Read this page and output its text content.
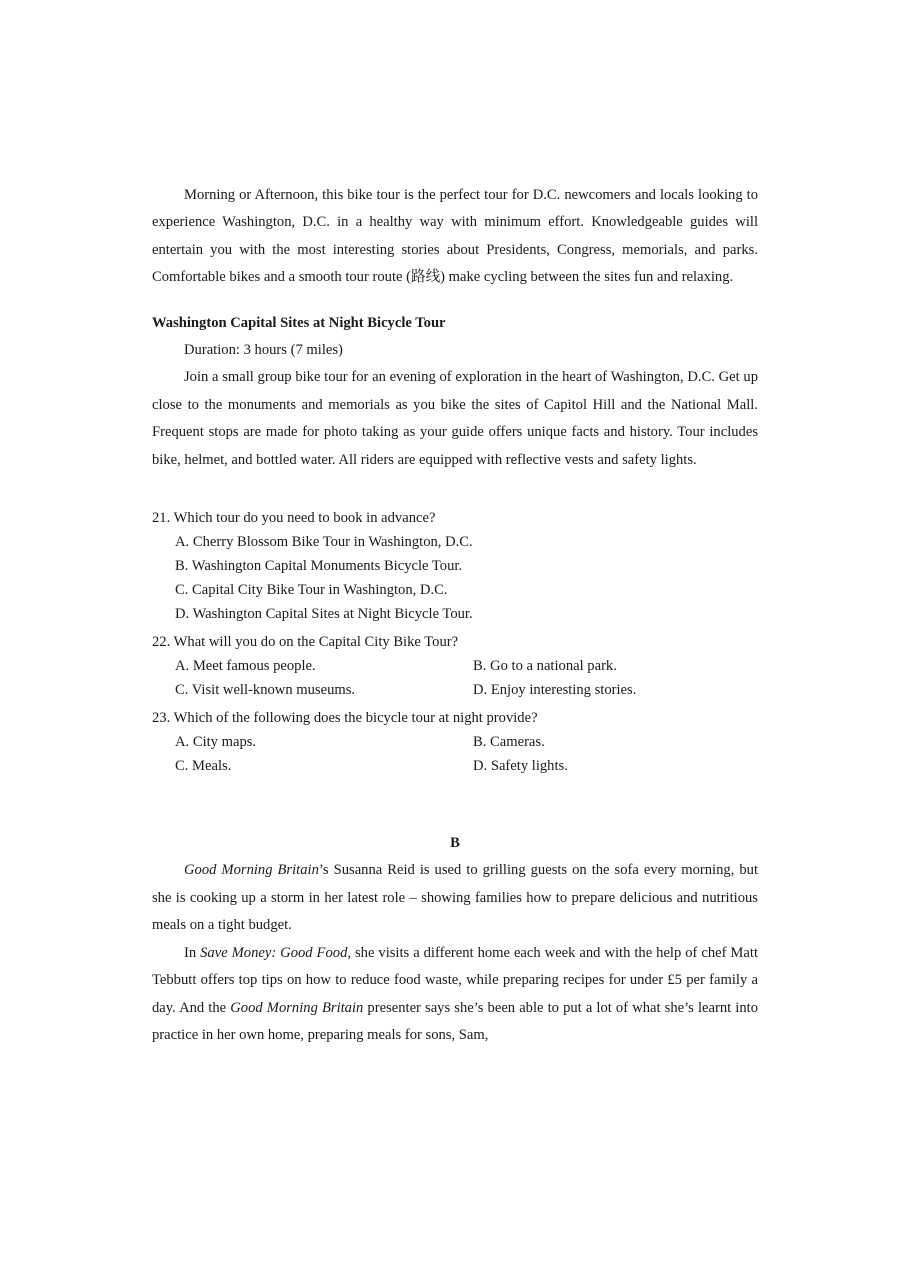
Morning or Afternoon, this bike tour is the perfect tour for D.C. newcomers and locals looking to experience Washington, D.C. in a healthy way with minimum effort. Knowledgeable guides will entertain you with the most interesting stories about Presidents, Congress, memorials, and parks. Comfortable bikes and a smooth tour route (路线) make cycling between the sites fun and relaxing.

Washington Capital Sites at Night Bicycle Tour

Duration: 3 hours (7 miles)

Join a small group bike tour for an evening of exploration in the heart of Washington, D.C. Get up close to the monuments and memorials as you bike the sites of Capitol Hill and the National Mall. Frequent stops are made for photo taking as your guide offers unique facts and history. Tour includes bike, helmet, and bottled water. All riders are equipped with reflective vests and safety lights.

21. Which tour do you need to book in advance?
A. Cherry Blossom Bike Tour in Washington, D.C.
B. Washington Capital Monuments Bicycle Tour.
C. Capital City Bike Tour in Washington, D.C.
D. Washington Capital Sites at Night Bicycle Tour.
22. What will you do on the Capital City Bike Tour?
A. Meet famous people.	B. Go to a national park.
C. Visit well-known museums.	D. Enjoy interesting stories.
23. Which of the following does the bicycle tour at night provide?
A. City maps.	B. Cameras.
C. Meals.	D. Safety lights.
B

Good Morning Britain’s Susanna Reid is used to grilling guests on the sofa every morning, but she is cooking up a storm in her latest role – showing families how to prepare delicious and nutritious meals on a tight budget.

In Save Money: Good Food, she visits a different home each week and with the help of chef Matt Tebbutt offers top tips on how to reduce food waste, while preparing recipes for under £5 per family a day. And the Good Morning Britain presenter says she’s been able to put a lot of what she’s learnt into practice in her own home, preparing meals for sons, Sam,
